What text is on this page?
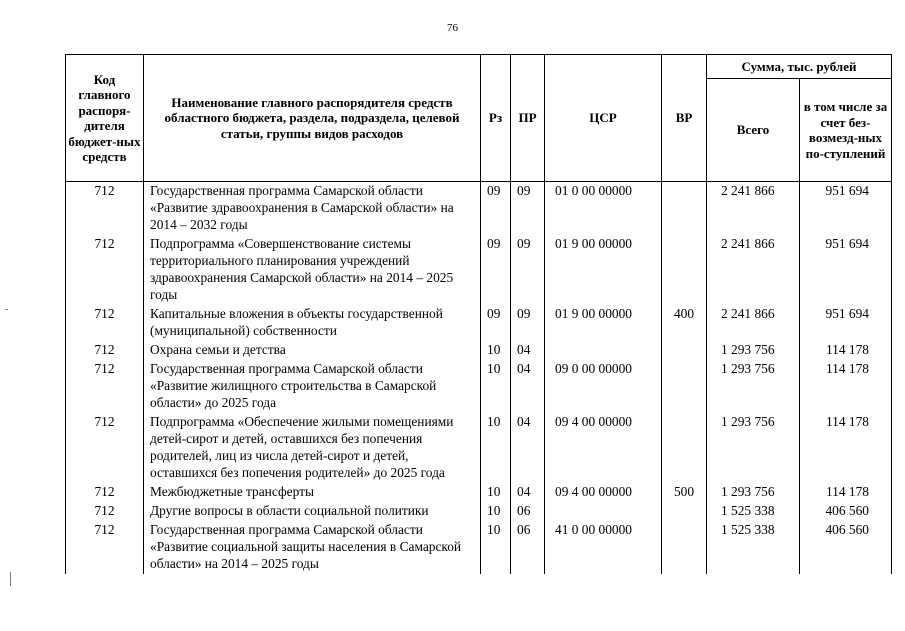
76
Код главного распоря-дителя бюджет-ных средств	Наименование главного распорядителя средств областного бюджета, раздела, подраздела, целевой статьи, группы видов расходов	Рз	ПР	ЦСР	ВР	Сумма, тыс. рублей	
						Всего	в том числе за счет без-возмезд-ных по-ступлений
712	Государственная программа Самарской области «Развитие здравоохранения в Самарской области» на 2014 – 2032 годы	09	09	01 0 00 00000		2 241 866	951 694
712	Подпрограмма «Совершенствование системы территориального планирования учреждений здравоохранения Самарской области» на 2014 – 2025 годы	09	09	01 9 00 00000		2 241 866	951 694
712	Капитальные вложения в объекты государственной (муниципальной) собственности	09	09	01 9 00 00000	400	2 241 866	951 694
712	Охрана семьи и детства	10	04			1 293 756	114 178
712	Государственная программа Самарской области «Развитие жилищного строительства в Самарской области» до 2025 года	10	04	09 0 00 00000		1 293 756	114 178
712	Подпрограмма «Обеспечение жилыми помещениями детей-сирот и детей, оставшихся без попечения родителей, лиц из числа детей-сирот и детей, оставшихся без попечения родителей» до 2025 года	10	04	09 4 00 00000		1 293 756	114 178
712	Межбюджетные трансферты	10	04	09 4 00 00000	500	1 293 756	114 178
712	Другие вопросы в области социальной политики	10	06			1 525 338	406 560
712	Государственная программа Самарской области «Развитие социальной защиты населения в Самарской области» на 2014 – 2025 годы	10	06	41 0 00 00000		1 525 338	406 560
